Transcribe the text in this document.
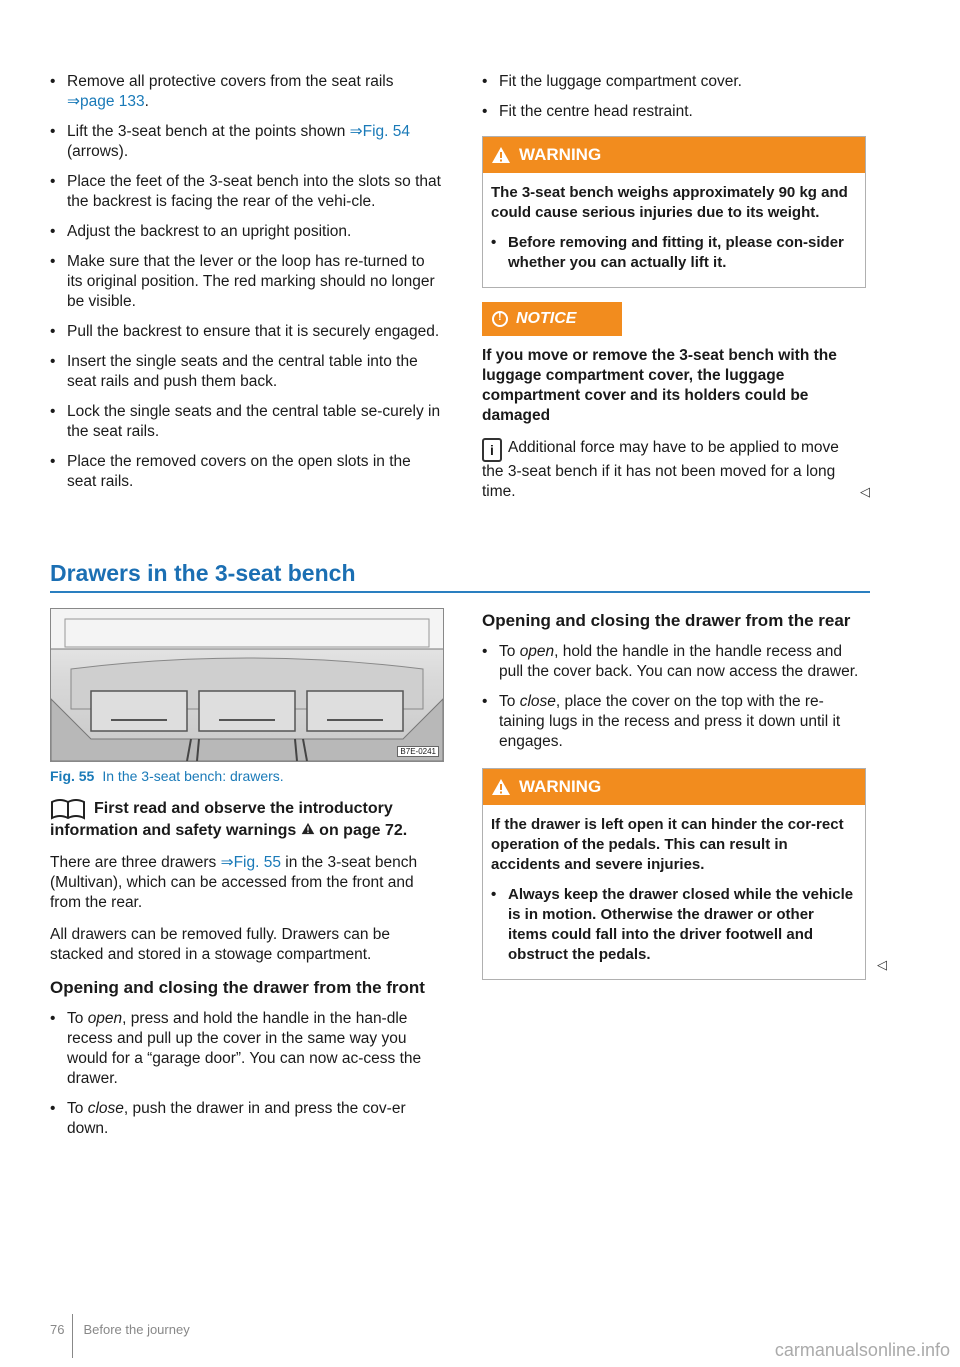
• Remove all protective covers from the seat rails ⇒page 133.
• Lift the 3-seat bench at the points shown ⇒Fig. 54 (arrows).
• Place the feet of the 3-seat bench into the slots so that the backrest is facing the rear of the vehi-cle.
• Adjust the backrest to an upright position.
• Make sure that the lever or the loop has re-turned to its original position. The red marking should no longer be visible.
• Pull the backrest to ensure that it is securely engaged.
• Insert the single seats and the central table into the seat rails and push them back.
• Lock the single seats and the central table se-curely in the seat rails.
• Place the removed covers on the open slots in the seat rails.
• Fit the luggage compartment cover.
• Fit the centre head restraint.
WARNING

The 3-seat bench weighs approximately 90 kg and could cause serious injuries due to its weight.

• Before removing and fitting it, please con-sider whether you can actually lift it.
!
NOTICE

If you move or remove the 3-seat bench with the luggage compartment cover, the luggage compartment cover and its holders could be damaged

i Additional force may have to be applied to move the 3-seat bench if it has not been moved for a long time.	◁

Drawers in the 3-seat bench
B7E-0241
Fig. 55 In the 3-seat bench: drawers.
First read and observe the introductory information and safety warnings on page 72.

There are three drawers ⇒Fig. 55 in the 3-seat bench (Multivan), which can be accessed from the front and from the rear.

All drawers can be removed fully. Drawers can be stacked and stored in a stowage compartment.

Opening and closing the drawer from the front
• To open, press and hold the handle in the han-dle recess and pull up the cover in the same way you would for a “garage door”. You can now ac-cess the drawer.
• To close, push the drawer in and press the cov-er down.
Opening and closing the drawer from the rear
• To open, hold the handle in the handle recess and pull the cover back. You can now access the drawer.
• To close, place the cover on the top with the re-taining lugs in the recess and press it down until it engages.
WARNING

If the drawer is left open it can hinder the cor-rect operation of the pedals. This can result in accidents and severe injuries.

• Always keep the drawer closed while the vehicle is in motion. Otherwise the drawer or other items could fall into the driver footwell and obstruct the pedals.
◁
76 Before the journey
carmanualsonline.info
